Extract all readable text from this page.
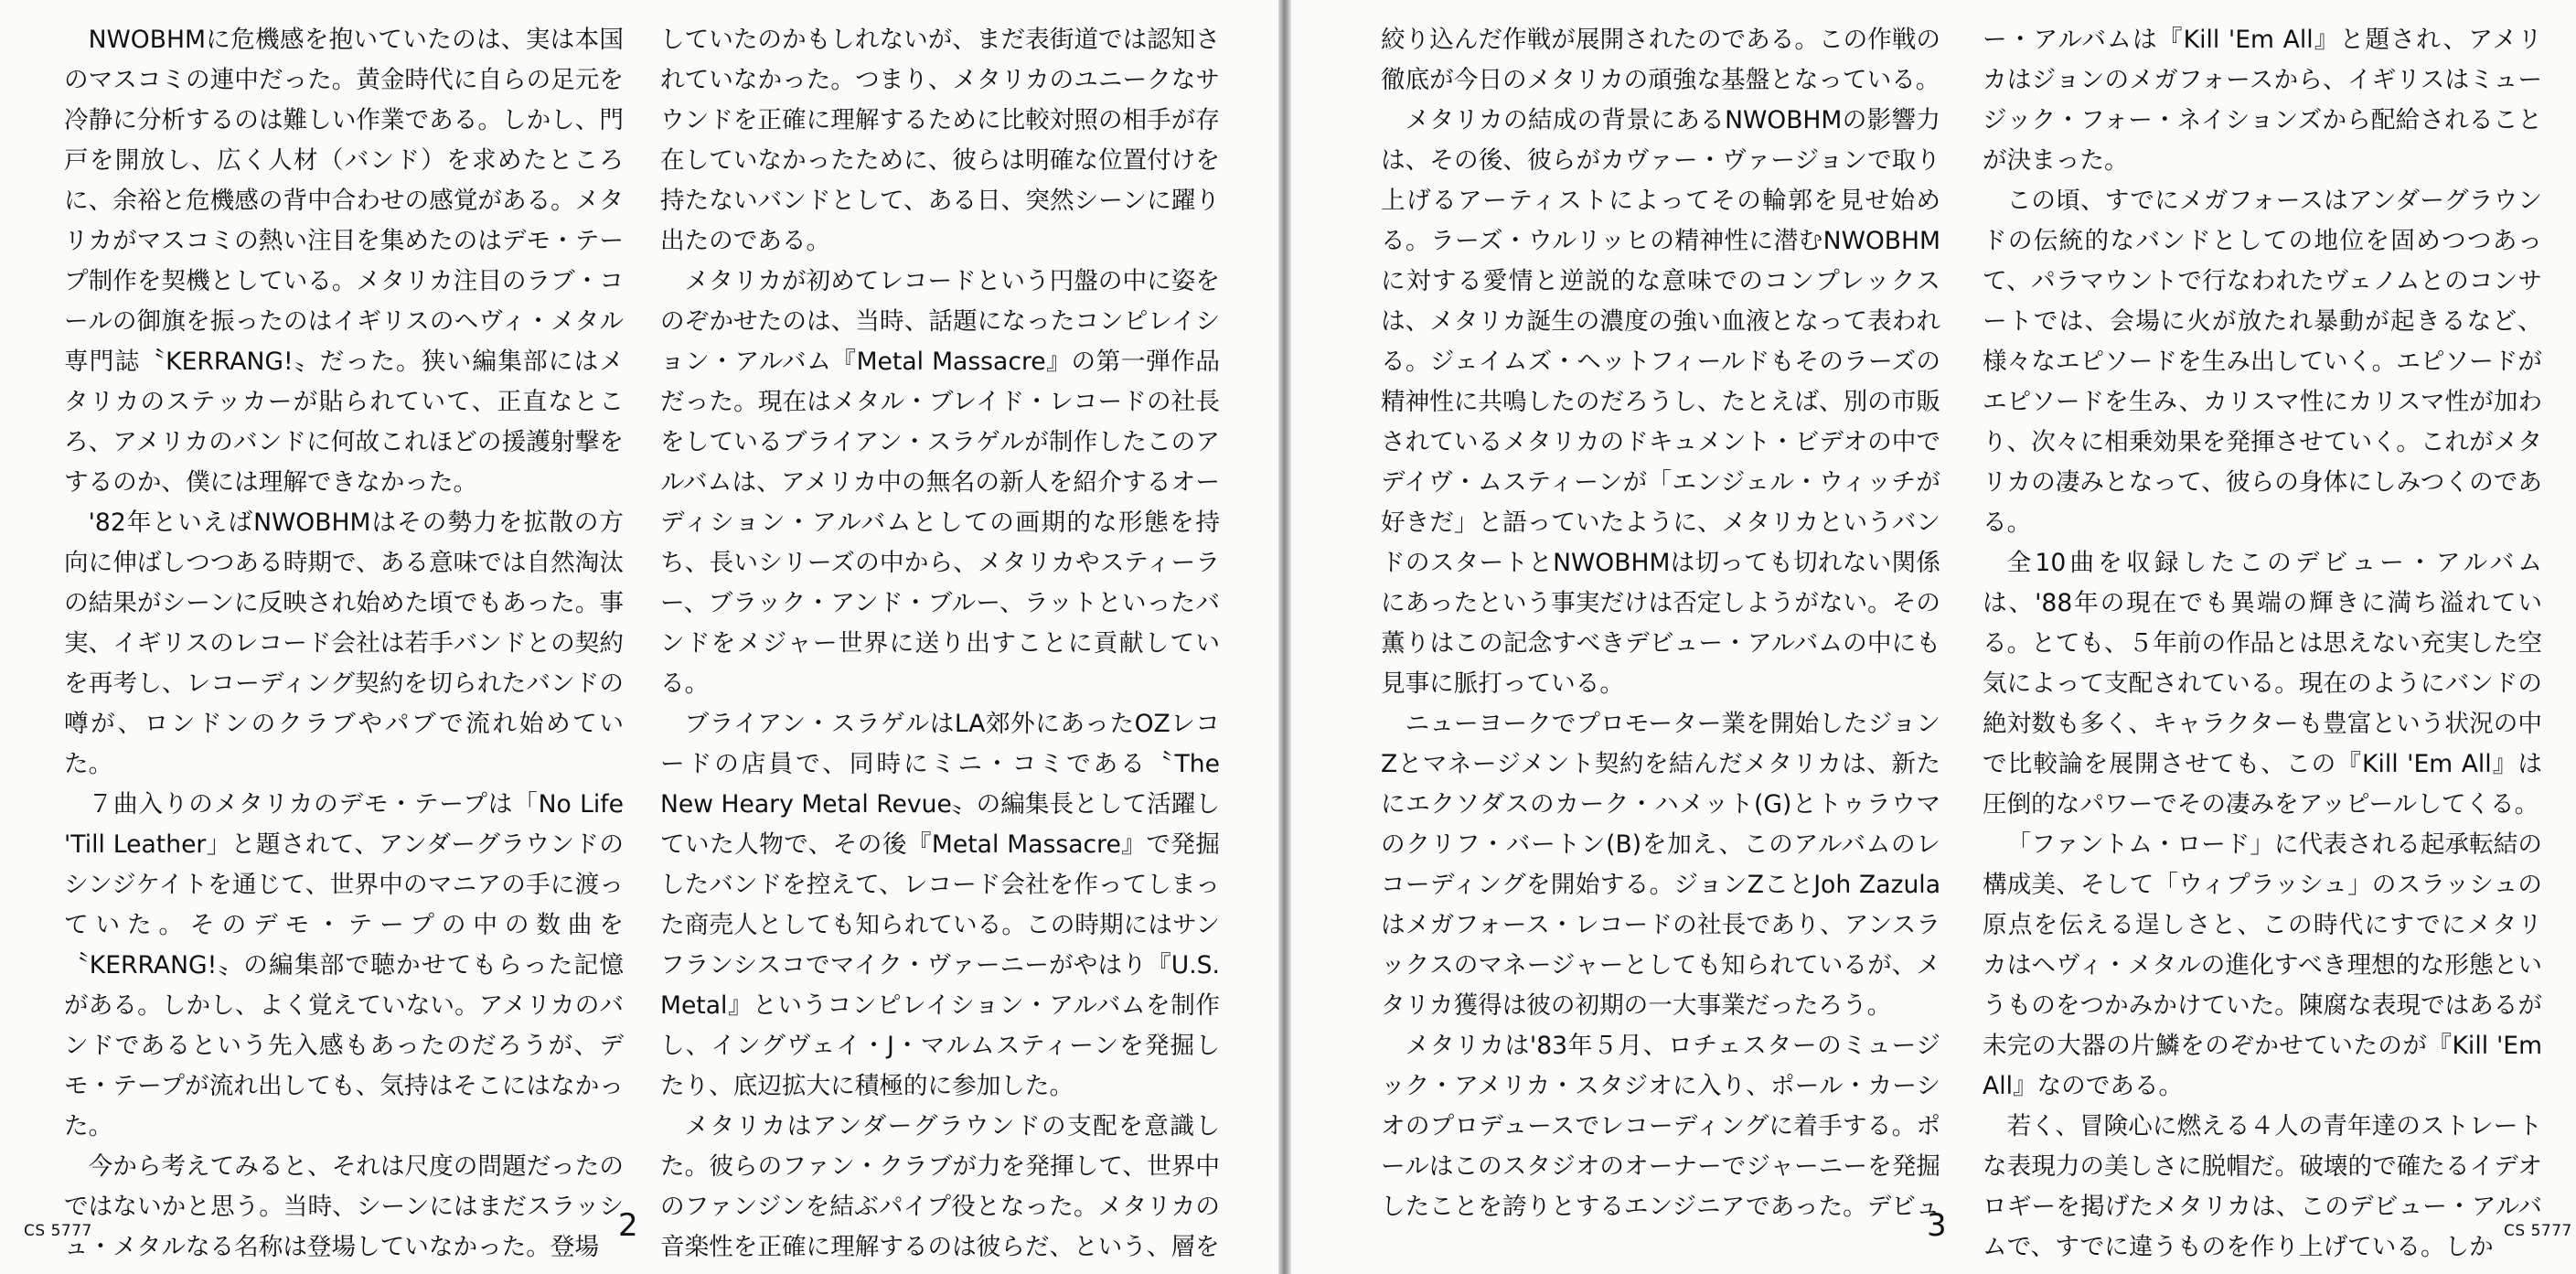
NWOBHMに危機感を抱いていたのは、実は本国のマスコミの連中だった。黄金時代に自らの足元を冷静に分析するのは難しい作業である。しかし、門戸を開放し、広く人材（バンド）を求めたところに、余裕と危機感の背中合わせの感覚がある。メタリカがマスコミの熱い注目を集めたのはデモ・テープ制作を契機としている。メタリカ注目のラブ・コールの御旗を振ったのはイギリスのヘヴィ・メタル専門誌〝KERRANG!〟だった。狭い編集部にはメタリカのステッカーが貼られていて、正直なところ、アメリカのバンドに何故これほどの援護射撃をするのか、僕には理解できなかった。

'82年といえばNWOBHMはその勢力を拡散の方向に伸ばしつつある時期で、ある意味では自然淘汰の結果がシーンに反映され始めた頃でもあった。事実、イギリスのレコード会社は若手バンドとの契約を再考し、レコーディング契約を切られたバンドの噂が、ロンドンのクラブやパブで流れ始めていた。

７曲入りのメタリカのデモ・テープは「No Life 'Till Leather」と題されて、アンダーグラウンドのシンジケイトを通じて、世界中のマニアの手に渡っていた。そのデモ・テープの中の数曲を〝KERRANG!〟の編集部で聴かせてもらった記憶がある。しかし、よく覚えていない。アメリカのバンドであるという先入感もあったのだろうが、デモ・テープが流れ出しても、気持はそこにはなかった。

今から考えてみると、それは尺度の問題だったのではないかと思う。当時、シーンにはまだスラッシュ・メタルなる名称は登場していなかった。登場

していたのかもしれないが、まだ表街道では認知されていなかった。つまり、メタリカのユニークなサウンドを正確に理解するために比較対照の相手が存在していなかったために、彼らは明確な位置付けを持たないバンドとして、ある日、突然シーンに躍り出たのである。

メタリカが初めてレコードという円盤の中に姿をのぞかせたのは、当時、話題になったコンピレイション・アルバム『Metal Massacre』の第一弾作品だった。現在はメタル・ブレイド・レコードの社長をしているブライアン・スラゲルが制作したこのアルバムは、アメリカ中の無名の新人を紹介するオーディション・アルバムとしての画期的な形態を持ち、長いシリーズの中から、メタリカやスティーラー、ブラック・アンド・ブルー、ラットといったバンドをメジャー世界に送り出すことに貢献している。

ブライアン・スラゲルはLA郊外にあったOZレコードの店員で、同時にミニ・コミである〝The New Heary Metal Revue〟の編集長として活躍していた人物で、その後『Metal Massacre』で発掘したバンドを控えて、レコード会社を作ってしまった商売人としても知られている。この時期にはサンフランシスコでマイク・ヴァーニーがやはり『U.S. Metal』というコンピレイション・アルバムを制作し、イングヴェイ・J・マルムスティーンを発掘したり、底辺拡大に積極的に参加した。

メタリカはアンダーグラウンドの支配を意識した。彼らのファン・クラブが力を発揮して、世界中のファンジンを結ぶパイプ役となった。メタリカの音楽性を正確に理解するのは彼らだ、という、層を

絞り込んだ作戦が展開されたのである。この作戦の徹底が今日のメタリカの頑強な基盤となっている。

メタリカの結成の背景にあるNWOBHMの影響力は、その後、彼らがカヴァー・ヴァージョンで取り上げるアーティストによってその輪郭を見せ始める。ラーズ・ウルリッヒの精神性に潜むNWOBHMに対する愛情と逆説的な意味でのコンプレックスは、メタリカ誕生の濃度の強い血液となって表われる。ジェイムズ・ヘットフィールドもそのラーズの精神性に共鳴したのだろうし、たとえば、別の市販されているメタリカのドキュメント・ビデオの中でデイヴ・ムスティーンが「エンジェル・ウィッチが好きだ」と語っていたように、メタリカというバンドのスタートとNWOBHMは切っても切れない関係にあったという事実だけは否定しようがない。その薫りはこの記念すべきデビュー・アルバムの中にも見事に脈打っている。

ニューヨークでプロモーター業を開始したジョンZとマネージメント契約を結んだメタリカは、新たにエクソダスのカーク・ハメット(G)とトゥラウマのクリフ・バートン(B)を加え、このアルバムのレコーディングを開始する。ジョンZことJoh Zazulaはメガフォース・レコードの社長であり、アンスラックスのマネージャーとしても知られているが、メタリカ獲得は彼の初期の一大事業だったろう。

メタリカは'83年５月、ロチェスターのミュージック・アメリカ・スタジオに入り、ポール・カーシオのプロデュースでレコーディングに着手する。ポールはこのスタジオのオーナーでジャーニーを発掘したことを誇りとするエンジニアであった。デビュ

ー・アルバムは『Kill 'Em All』と題され、アメリカはジョンのメガフォースから、イギリスはミュージック・フォー・ネイションズから配給されることが決まった。

この頃、すでにメガフォースはアンダーグラウンドの伝統的なバンドとしての地位を固めつつあって、パラマウントで行なわれたヴェノムとのコンサートでは、会場に火が放たれ暴動が起きるなど、様々なエピソードを生み出していく。エピソードがエピソードを生み、カリスマ性にカリスマ性が加わり、次々に相乗効果を発揮させていく。これがメタリカの凄みとなって、彼らの身体にしみつくのである。

全10曲を収録したこのデビュー・アルバムは、'88年の現在でも異端の輝きに満ち溢れている。とても、５年前の作品とは思えない充実した空気によって支配されている。現在のようにバンドの絶対数も多く、キャラクターも豊富という状況の中で比較論を展開させても、この『Kill 'Em All』は圧倒的なパワーでその凄みをアッピールしてくる。

「ファントム・ロード」に代表される起承転結の構成美、そして「ウィプラッシュ」のスラッシュの原点を伝える逞しさと、この時代にすでにメタリカはヘヴィ・メタルの進化すべき理想的な形態というものをつかみかけていた。陳腐な表現ではあるが未完の大器の片鱗をのぞかせていたのが『Kill 'Em All』なのである。

若く、冒険心に燃える４人の青年達のストレートな表現力の美しさに脱帽だ。破壊的で確たるイデオロギーを掲げたメタリカは、このデビュー・アルバムで、すでに違うものを作り上げている。しか

CS 5777	2	3	CS 5777
